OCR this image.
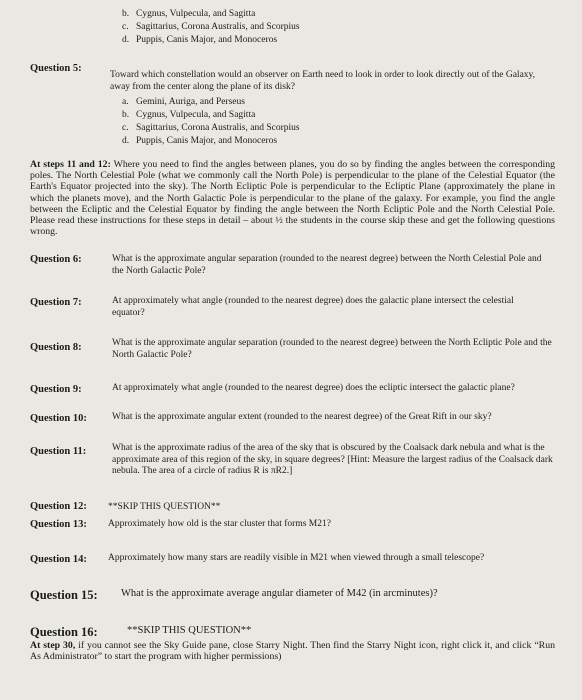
b. Cygnus, Vulpecula, and Sagitta
c. Sagittarius, Corona Australis, and Scorpius
d. Puppis, Canis Major, and Monoceros
Question 5:
Toward which constellation would an observer on Earth need to look in order to look directly out of the Galaxy, away from the center along the plane of its disk?
a. Gemini, Auriga, and Perseus
b. Cygnus, Vulpecula, and Sagitta
c. Sagittarius, Corona Australis, and Scorpius
d. Puppis, Canis Major, and Monoceros
At steps 11 and 12: Where you need to find the angles between planes, you do so by finding the angles between the corresponding poles. The North Celestial Pole (what we commonly call the North Pole) is perpendicular to the plane of the Celestial Equator (the Earth's Equator projected into the sky). The North Ecliptic Pole is perpendicular to the Ecliptic Plane (approximately the plane in which the planets move), and the North Galactic Pole is perpendicular to the plane of the galaxy. For example, you find the angle between the Ecliptic and the Celestial Equator by finding the angle between the North Ecliptic Pole and the North Celestial Pole. Please read these instructions for these steps in detail – about ½ the students in the course skip these and get the following questions wrong.
Question 6:	What is the approximate angular separation (rounded to the nearest degree) between the North Celestial Pole and the North Galactic Pole?
Question 7:	At approximately what angle (rounded to the nearest degree) does the galactic plane intersect the celestial equator?
Question 8:	What is the approximate angular separation (rounded to the nearest degree) between the North Ecliptic Pole and the North Galactic Pole?
Question 9:	At approximately what angle (rounded to the nearest degree) does the ecliptic intersect the galactic plane?
Question 10:	What is the approximate angular extent (rounded to the nearest degree) of the Great Rift in our sky?
Question 11:	What is the approximate radius of the area of the sky that is obscured by the Coalsack dark nebula and what is the approximate area of this region of the sky, in square degrees? [Hint: Measure the largest radius of the Coalsack dark nebula. The area of a circle of radius R is πR2.]
Question 12: **SKIP THIS QUESTION**
Question 13: Approximately how old is the star cluster that forms M21?
Question 14: Approximately how many stars are readily visible in M21 when viewed through a small telescope?
Question 15: What is the approximate average angular diameter of M42 (in arcminutes)?
Question 16:	**SKIP THIS QUESTION**
At step 30, if you cannot see the Sky Guide pane, close Starry Night. Then find the Starry Night icon, right click it, and click “Run As Administrator” to start the program with higher permissions)
